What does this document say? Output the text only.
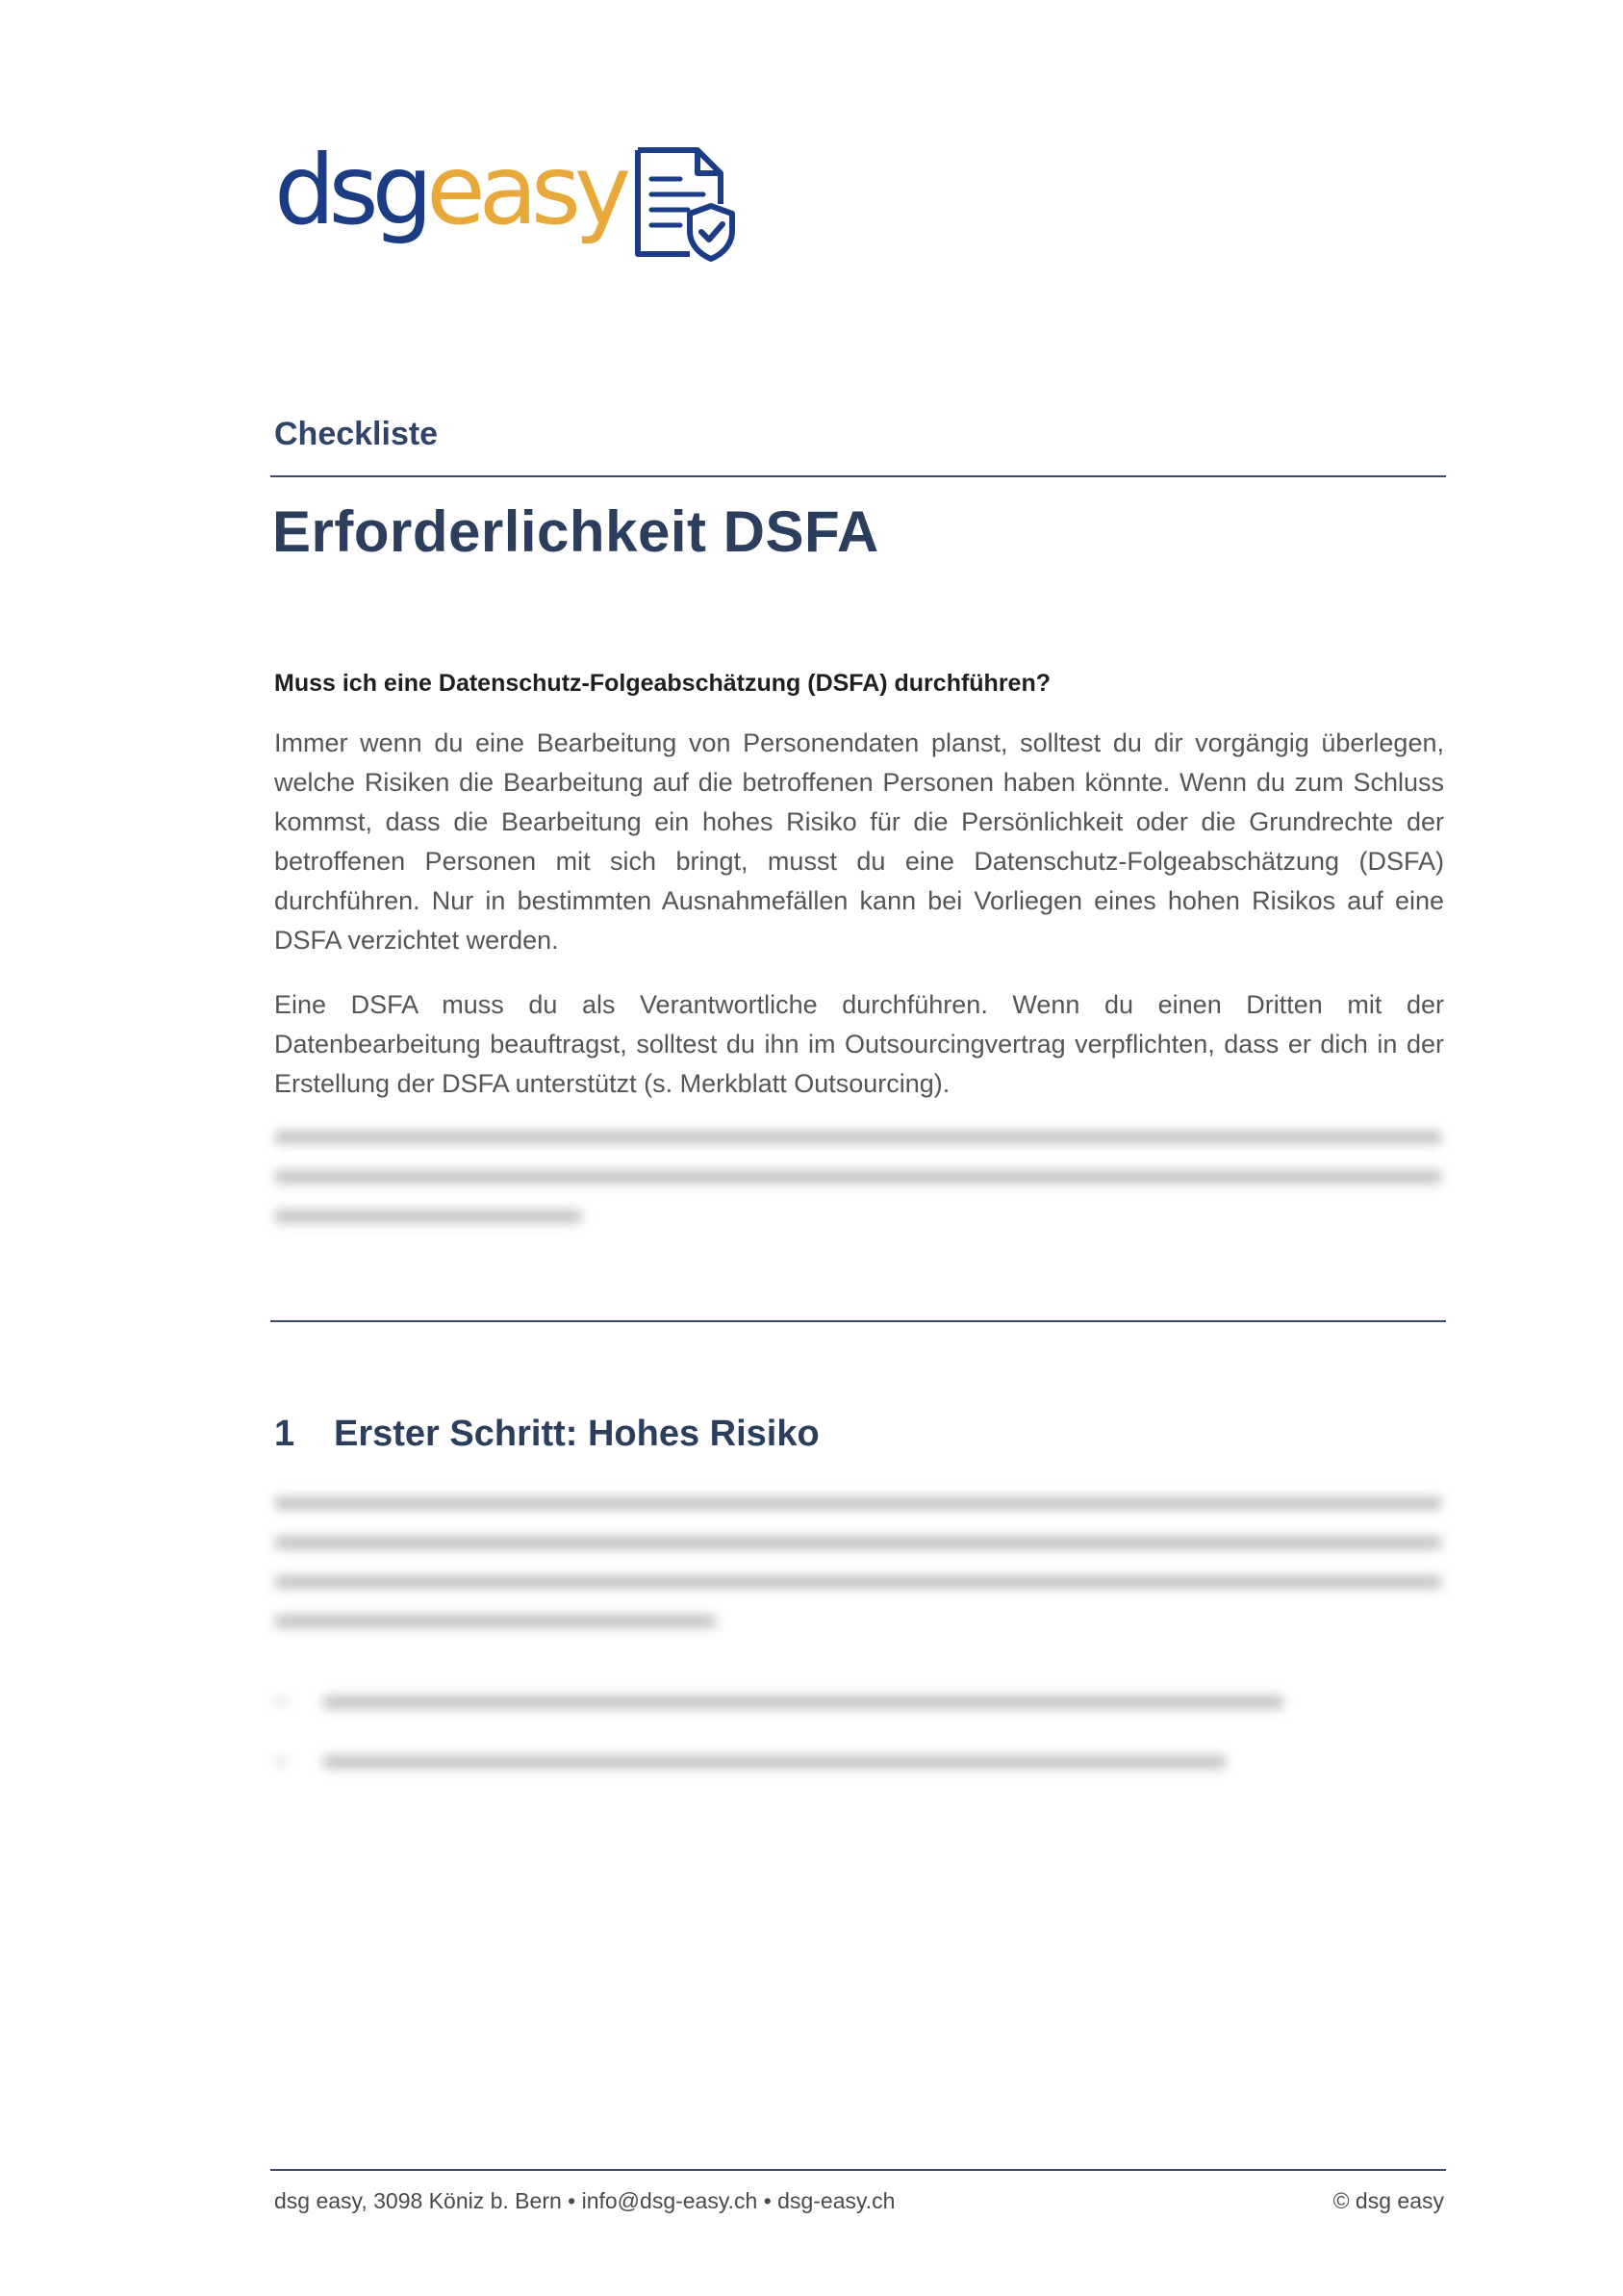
dsg easy
Checkliste
Erforderlichkeit DSFA
Muss ich eine Datenschutz-Folgeabschätzung (DSFA) durchführen?

Immer wenn du eine Bearbeitung von Personendaten planst, solltest du dir vorgängig überlegen, welche Risiken die Bearbeitung auf die betroffenen Personen haben könnte. Wenn du zum Schluss kommst, dass die Bearbeitung ein hohes Risiko für die Persönlichkeit oder die Grundrechte der betroffenen Personen mit sich bringt, musst du eine Datenschutz-Folgeabschätzung (DSFA) durchführen. Nur in bestimmten Ausnahmefällen kann bei Vorliegen eines hohen Risikos auf eine DSFA verzichtet werden.

Eine DSFA muss du als Verantwortliche durchführen. Wenn du einen Dritten mit der Datenbearbeitung beauftragst, solltest du ihn im Outsourcingvertrag verpflichten, dass er dich in der Erstellung der DSFA unterstützt (s. Merkblatt Outsourcing).

1	Erster Schritt: Hohes Risiko
dsg easy, 3098 Köniz b. Bern • info@dsg-easy.ch • dsg-easy.ch	© dsg easy
